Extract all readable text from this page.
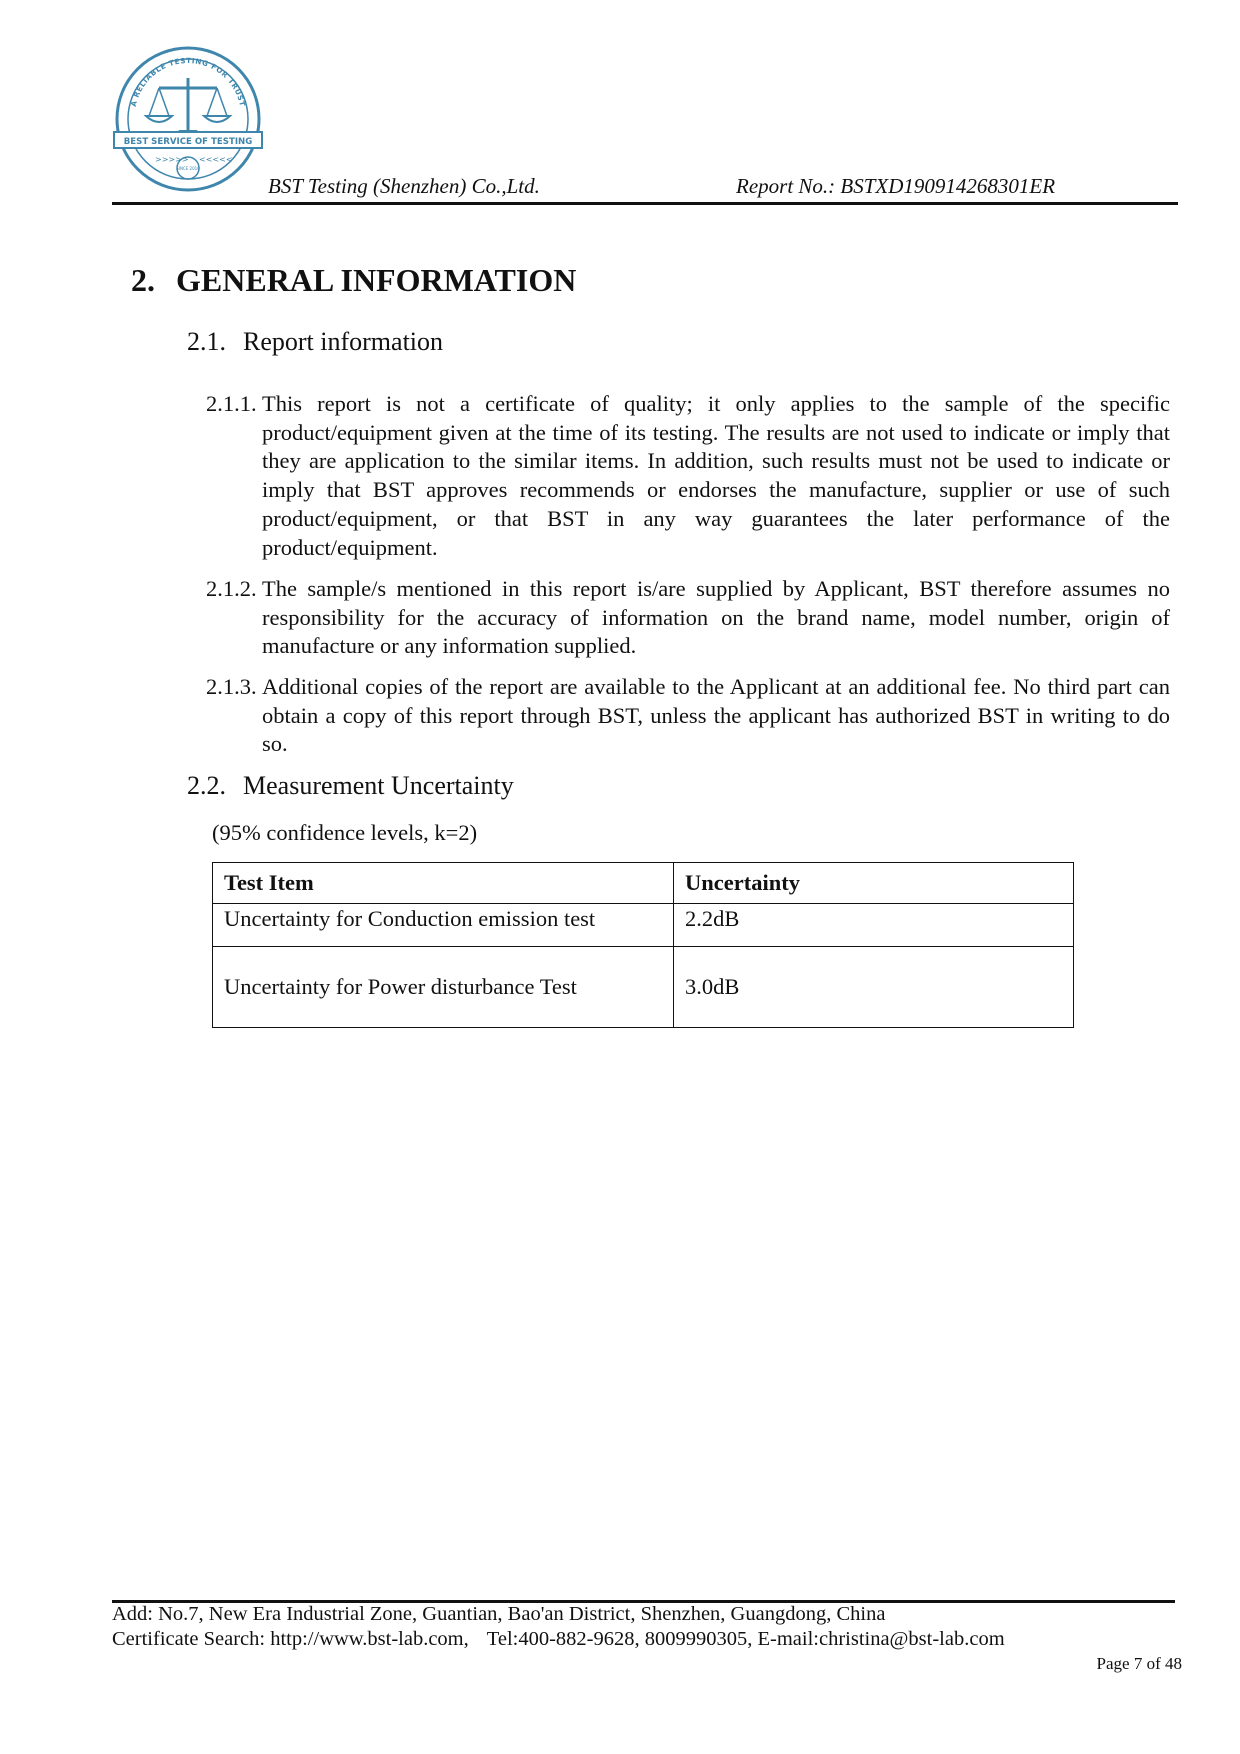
A RELIABLE TESTING FOR TRUST
BEST SERVICE OF TESTING
>>>>> <<<<<
SINCE 2016
BST Testing (Shenzhen) Co.,Ltd.	Report No.: BSTXD190914268301ER
2. GENERAL INFORMATION
2.1. Report information
2.1.1. This report is not a certificate of quality; it only applies to the sample of the specific product/equipment given at the time of its testing. The results are not used to indicate or imply that they are application to the similar items. In addition, such results must not be used to indicate or imply that BST approves recommends or endorses the manufacture, supplier or use of such product/equipment, or that BST in any way guarantees the later performance of the product/equipment.
2.1.2. The sample/s mentioned in this report is/are supplied by Applicant, BST therefore assumes no responsibility for the accuracy of information on the brand name, model number, origin of manufacture or any information supplied.
2.1.3. Additional copies of the report are available to the Applicant at an additional fee. No third part can obtain a copy of this report through BST, unless the applicant has authorized BST in writing to do so.
2.2. Measurement Uncertainty
(95% confidence levels, k=2)
Test Item	Uncertainty
Uncertainty for Conduction emission test	2.2dB
Uncertainty for Power disturbance Test	3.0dB
Add: No.7, New Era Industrial Zone, Guantian, Bao'an District, Shenzhen, Guangdong, China
Certificate Search: http://www.bst-lab.com, Tel:400-882-9628, 8009990305, E-mail:christina@bst-lab.com
Page 7 of 48
